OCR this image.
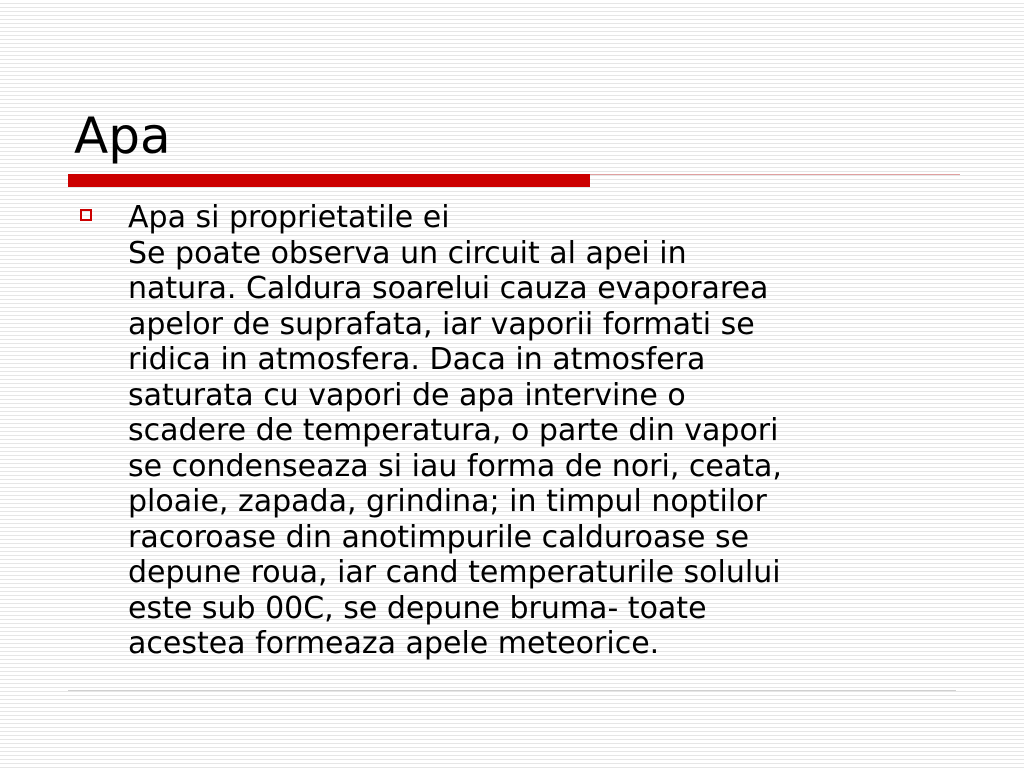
Apa
Apa si proprietatile ei
Se poate observa un circuit al apei in
natura. Caldura soarelui cauza evaporarea
apelor de suprafata, iar vaporii formati se
ridica in atmosfera. Daca in atmosfera
saturata cu vapori de apa intervine o
scadere de temperatura, o parte din vapori
se condenseaza si iau forma de nori, ceata,
ploaie, zapada, grindina; in timpul noptilor
racoroase din anotimpurile calduroase se
depune roua, iar cand temperaturile solului
este sub 00C, se depune bruma- toate
acestea formeaza apele meteorice.
